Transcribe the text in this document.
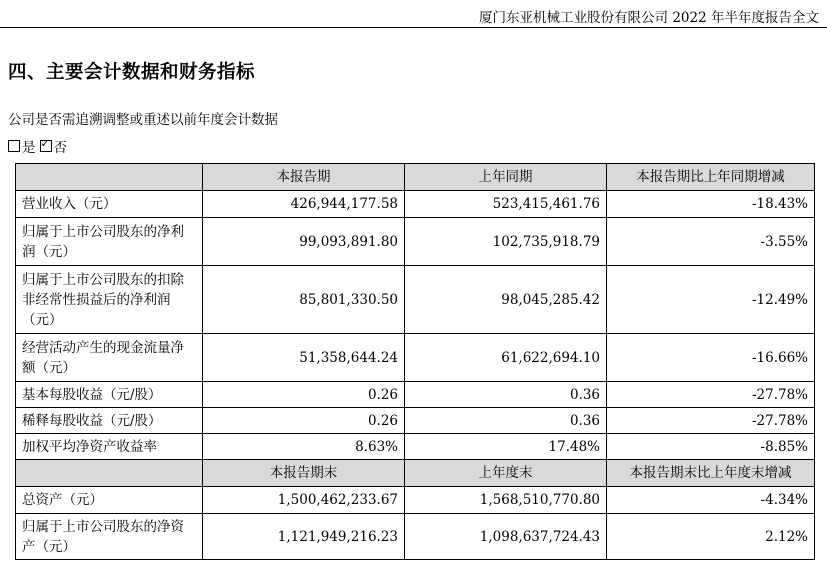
厦门东亚机械工业股份有限公司 2022 年半年度报告全文
四、主要会计数据和财务指标
公司是否需追溯调整或重述以前年度会计数据
是 ✓ 否
	本报告期	上年同期	本报告期比上年同期增减
营业收入（元）	426,944,177.58	523,415,461.76	-18.43%
归属于上市公司股东的净利润（元）	99,093,891.80	102,735,918.79	-3.55%
归属于上市公司股东的扣除非经常性损益后的净利润（元）	85,801,330.50	98,045,285.42	-12.49%
经营活动产生的现金流量净额（元）	51,358,644.24	61,622,694.10	-16.66%
基本每股收益（元/股）	0.26	0.36	-27.78%
稀释每股收益（元/股）	0.26	0.36	-27.78%
加权平均净资产收益率	8.63%	17.48%	-8.85%
	本报告期末	上年度末	本报告期末比上年度末增减
总资产（元）	1,500,462,233.67	1,568,510,770.80	-4.34%
归属于上市公司股东的净资产（元）	1,121,949,216.23	1,098,637,724.43	2.12%
